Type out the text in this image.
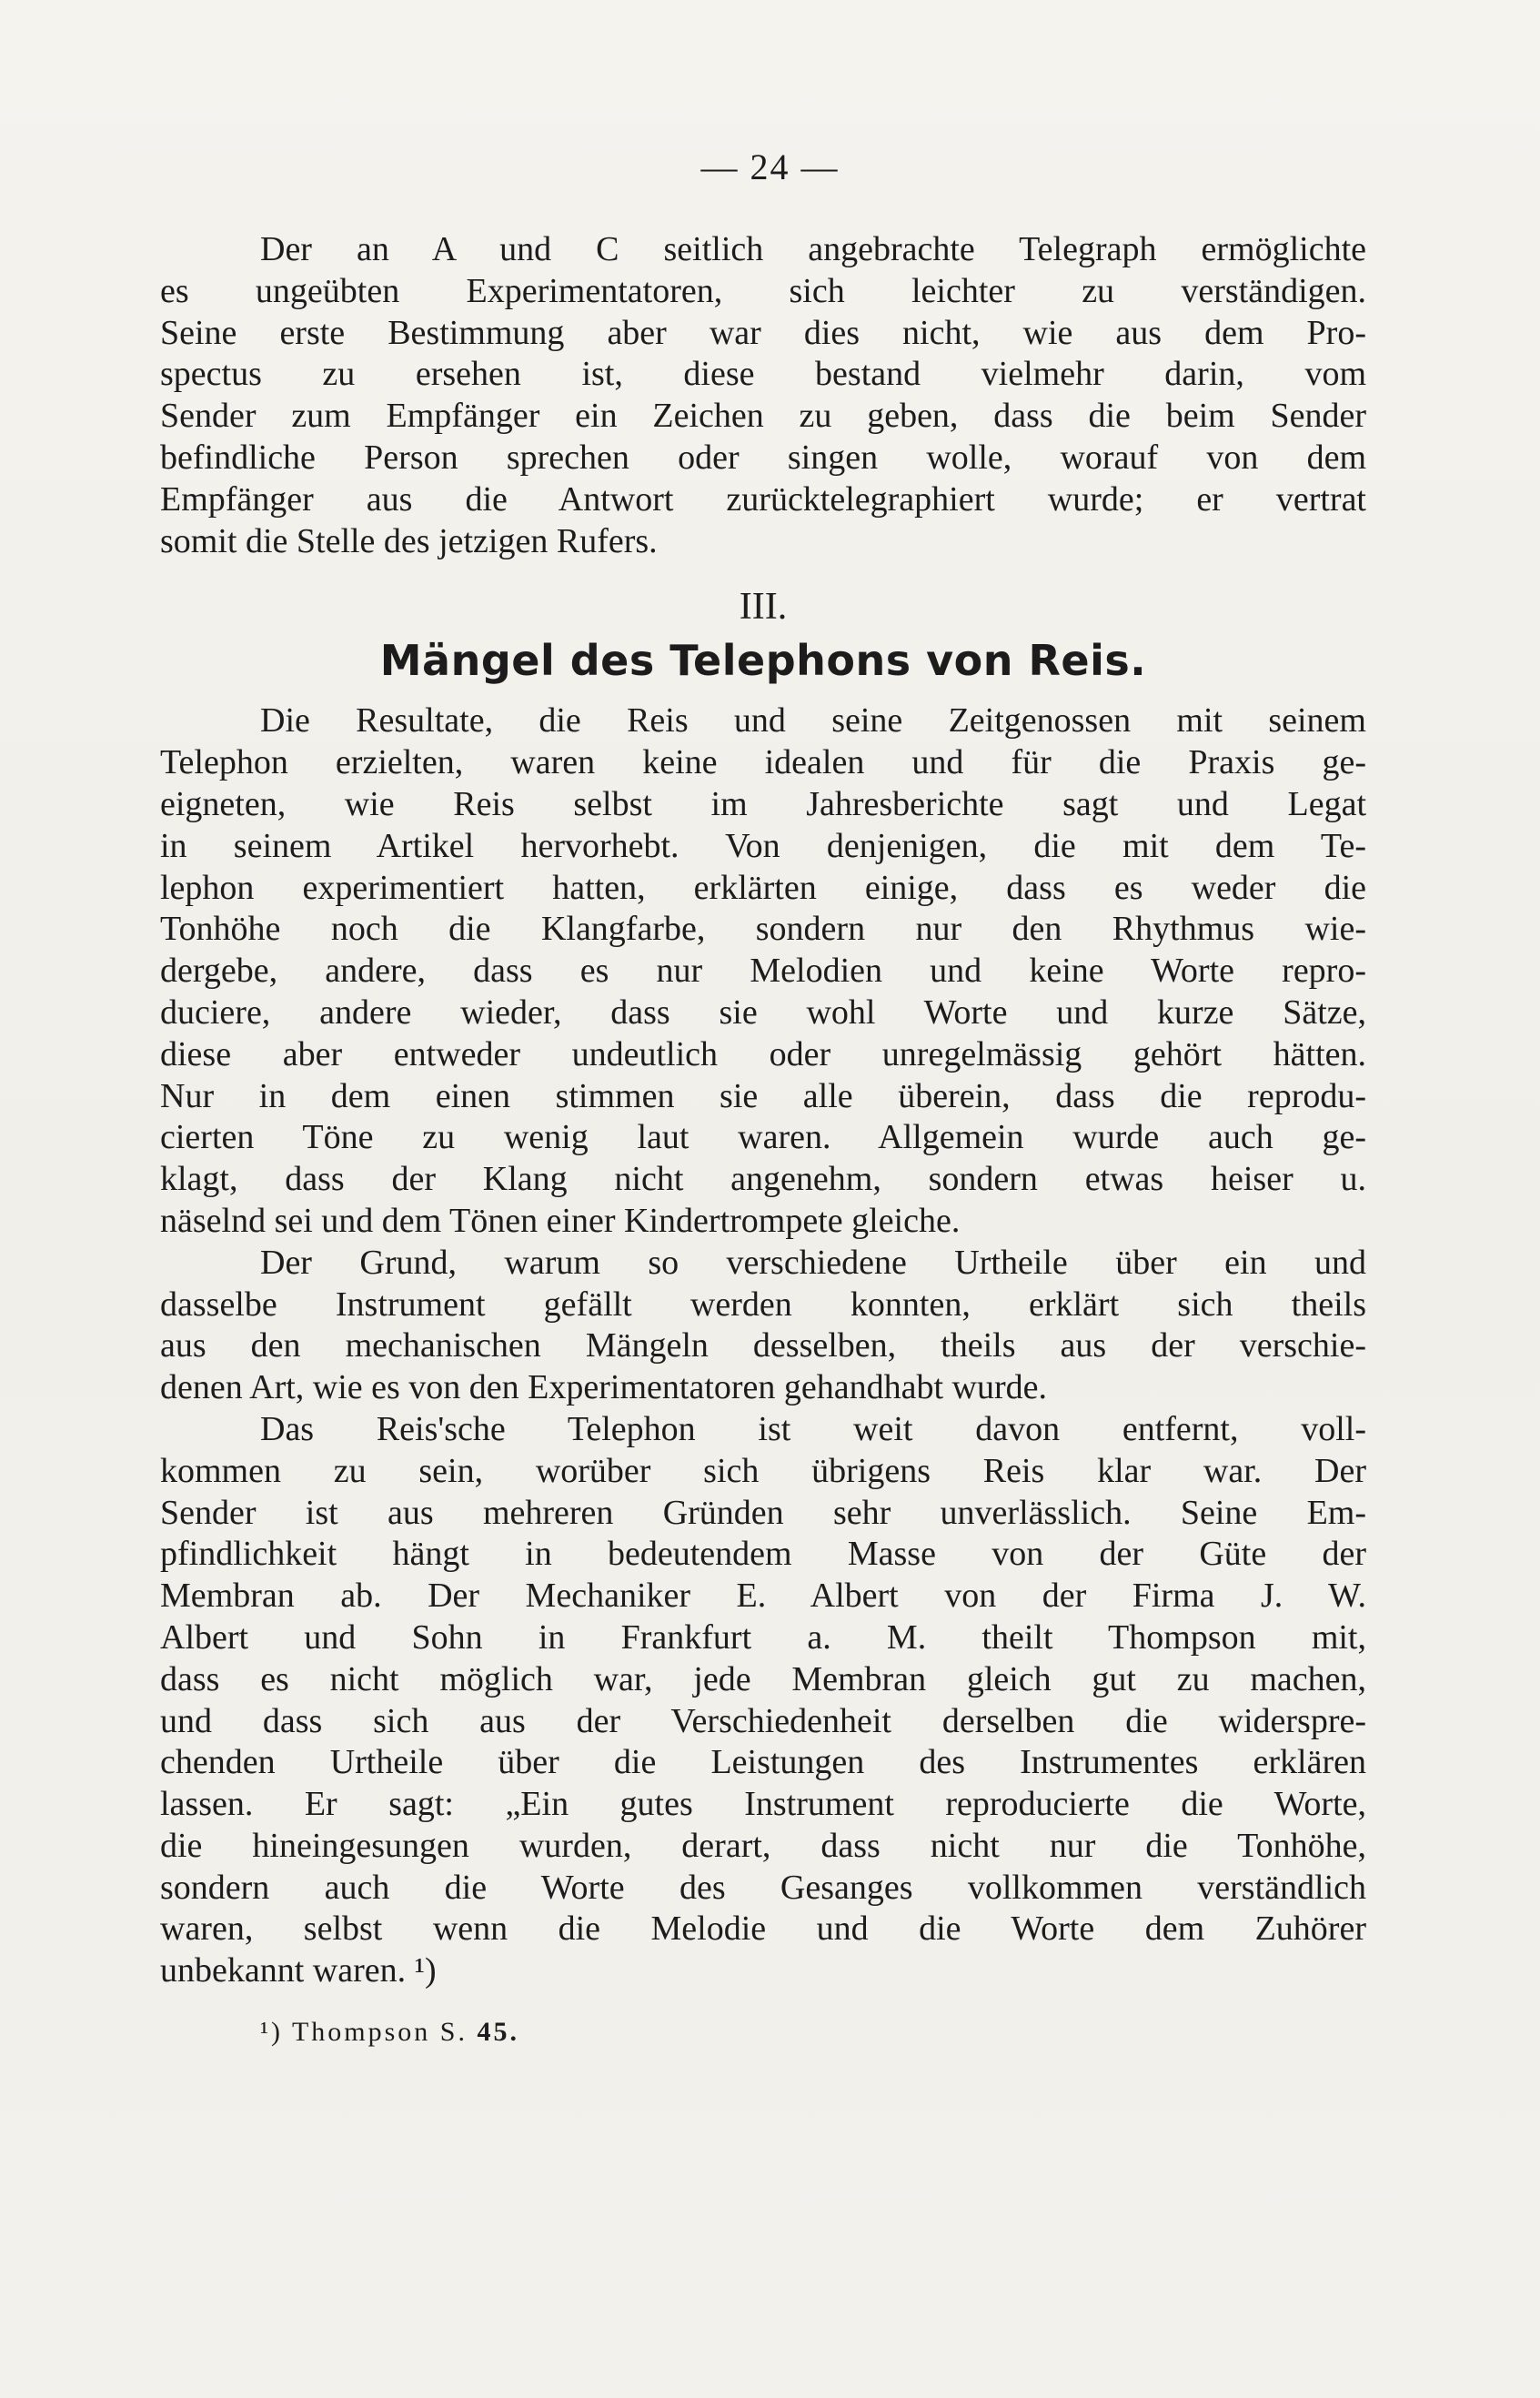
— 24 —

Der an A und C seitlich angebrachte Telegraph ermöglichte

es ungeübten Experimentatoren, sich leichter zu verständigen.

Seine erste Bestimmung aber war dies nicht, wie aus dem Pro-

spectus zu ersehen ist, diese bestand vielmehr darin, vom

Sender zum Empfänger ein Zeichen zu geben, dass die beim Sender

befindliche Person sprechen oder singen wolle, worauf von dem

Empfänger aus die Antwort zurücktelegraphiert wurde; er vertrat

somit die Stelle des jetzigen Rufers.

III.
Mängel des Telephons von Reis.

Die Resultate, die Reis und seine Zeitgenossen mit seinem

Telephon erzielten, waren keine idealen und für die Praxis ge-

eigneten, wie Reis selbst im Jahresberichte sagt und Legat

in seinem Artikel hervorhebt. Von denjenigen, die mit dem Te-

lephon experimentiert hatten, erklärten einige, dass es weder die

Tonhöhe noch die Klangfarbe, sondern nur den Rhythmus wie-

dergebe, andere, dass es nur Melodien und keine Worte repro-

duciere, andere wieder, dass sie wohl Worte und kurze Sätze,

diese aber entweder undeutlich oder unregelmässig gehört hätten.

Nur in dem einen stimmen sie alle überein, dass die reprodu-

cierten Töne zu wenig laut waren. Allgemein wurde auch ge-

klagt, dass der Klang nicht angenehm, sondern etwas heiser u.

näselnd sei und dem Tönen einer Kindertrompete gleiche.

Der Grund, warum so verschiedene Urtheile über ein und

dasselbe Instrument gefällt werden konnten, erklärt sich theils

aus den mechanischen Mängeln desselben, theils aus der verschie-

denen Art, wie es von den Experimentatoren gehandhabt wurde.

Das Reis'sche Telephon ist weit davon entfernt, voll-

kommen zu sein, worüber sich übrigens Reis klar war. Der

Sender ist aus mehreren Gründen sehr unverlässlich. Seine Em-

pfindlichkeit hängt in bedeutendem Masse von der Güte der

Membran ab. Der Mechaniker E. Albert von der Firma J. W.

Albert und Sohn in Frankfurt a. M. theilt Thompson mit,

dass es nicht möglich war, jede Membran gleich gut zu machen,

und dass sich aus der Verschiedenheit derselben die widerspre-

chenden Urtheile über die Leistungen des Instrumentes erklären

lassen. Er sagt: „Ein gutes Instrument reproducierte die Worte,

die hineingesungen wurden, derart, dass nicht nur die Tonhöhe,

sondern auch die Worte des Gesanges vollkommen verständlich

waren, selbst wenn die Melodie und die Worte dem Zuhörer

unbekannt waren. ¹)

¹) Thompson S. 45.
